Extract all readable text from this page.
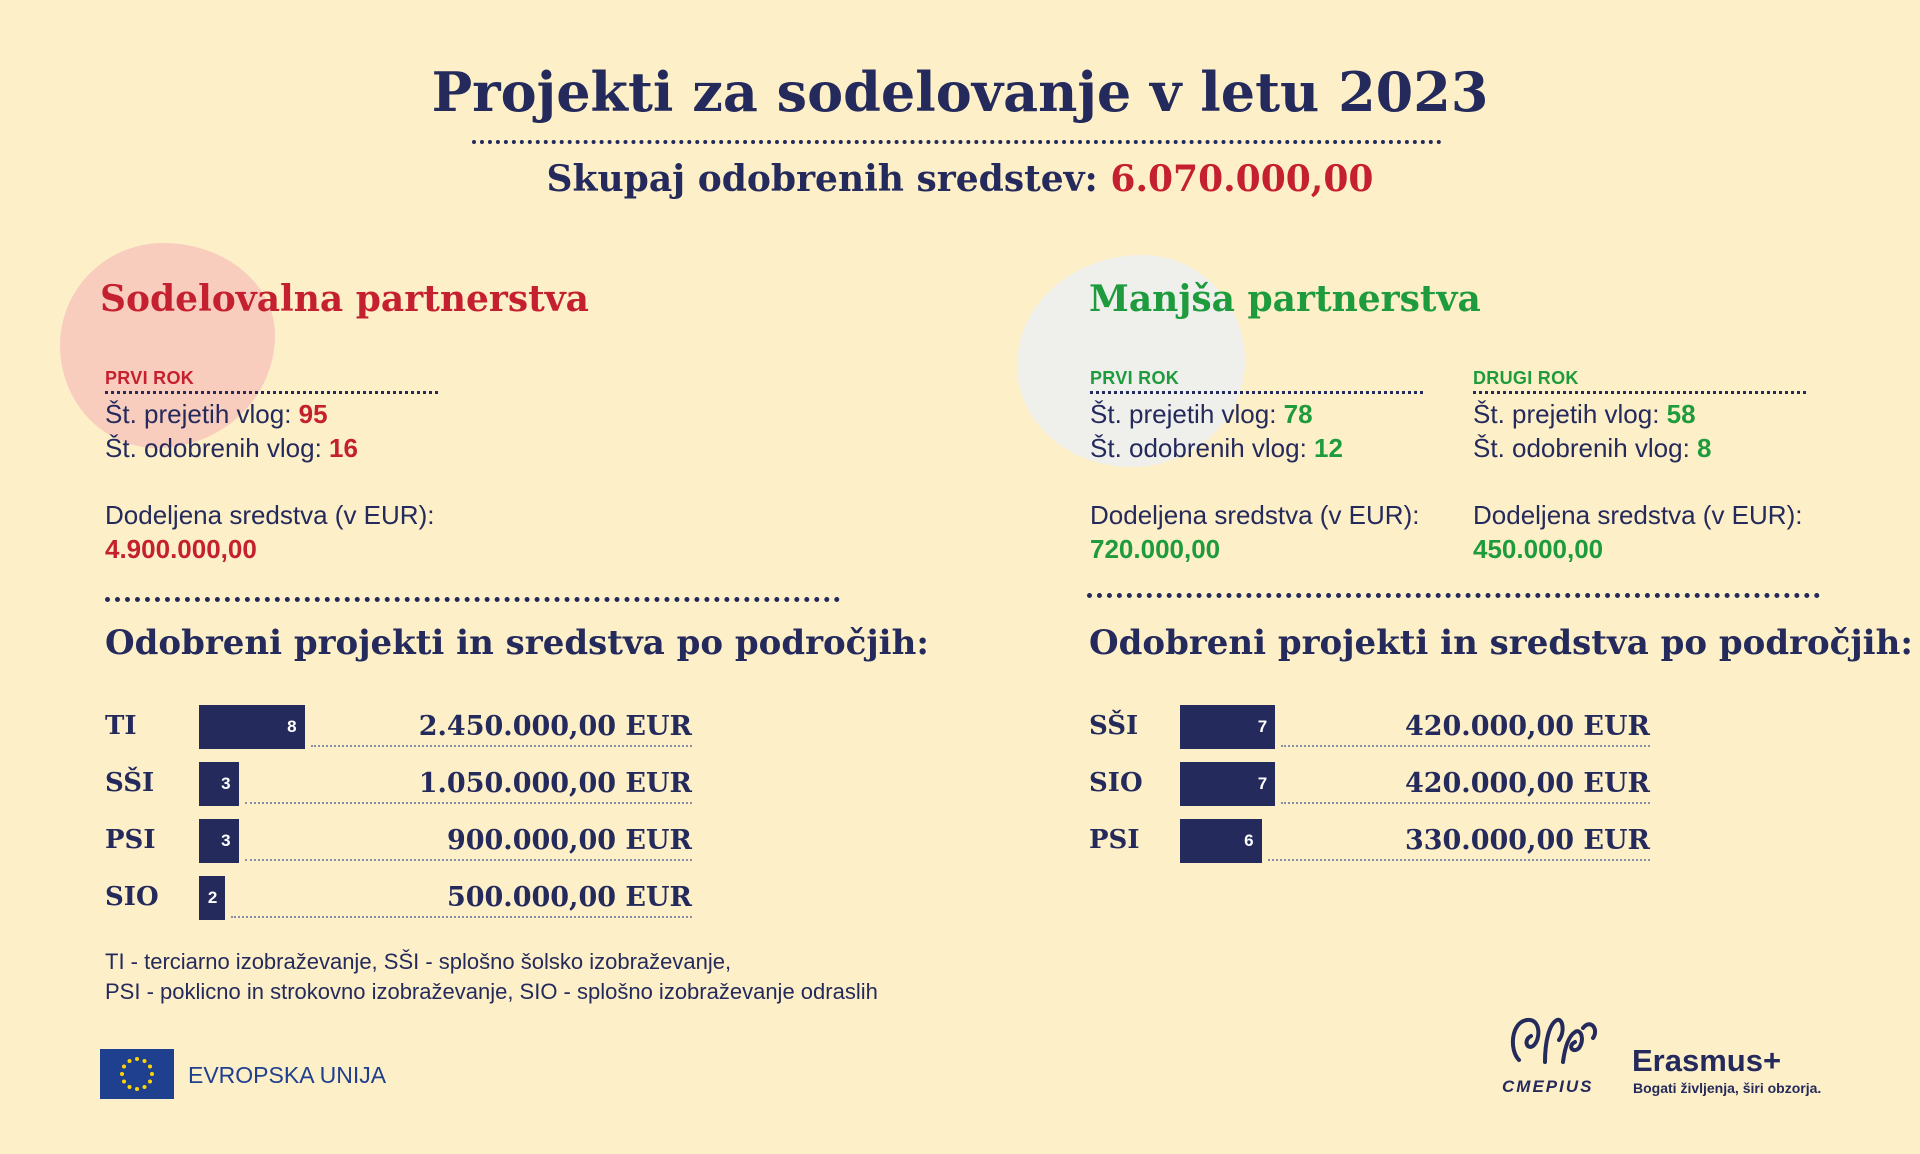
Projekti za sodelovanje v letu 2023
Skupaj odobrenih sredstev: 6.070.000,00
Sodelovalna partnerstva
PRVI ROK
Št. prejetih vlog: 95
Št. odobrenih vlog: 16
Dodeljena sredstva (v EUR):
4.900.000,00
Odobreni projekti in sredstva po področjih:
Manjša partnerstva
PRVI ROK
Št. prejetih vlog: 78
Št. odobrenih vlog: 12
Dodeljena sredstva (v EUR):
720.000,00
DRUGI ROK
Št. prejetih vlog: 58
Št. odobrenih vlog: 8
Dodeljena sredstva (v EUR):
450.000,00
Odobreni projekti in sredstva po področjih:
TI - terciarno izobraževanje, SŠI - splošno šolsko izobraževanje,
PSI - poklicno in strokovno izobraževanje, SIO - splošno izobraževanje odraslih
EVROPSKA UNIJA	CMEPIUS
Erasmus+
Bogati življenja, širi obzorja.
TI	8	2.450.000,00 EUR
SŠI	3	1.050.000,00 EUR
PSI	3	900.000,00 EUR
SIO	2	500.000,00 EUR
SŠI	7	420.000,00 EUR
SIO	7	420.000,00 EUR
PSI	6	330.000,00 EUR
